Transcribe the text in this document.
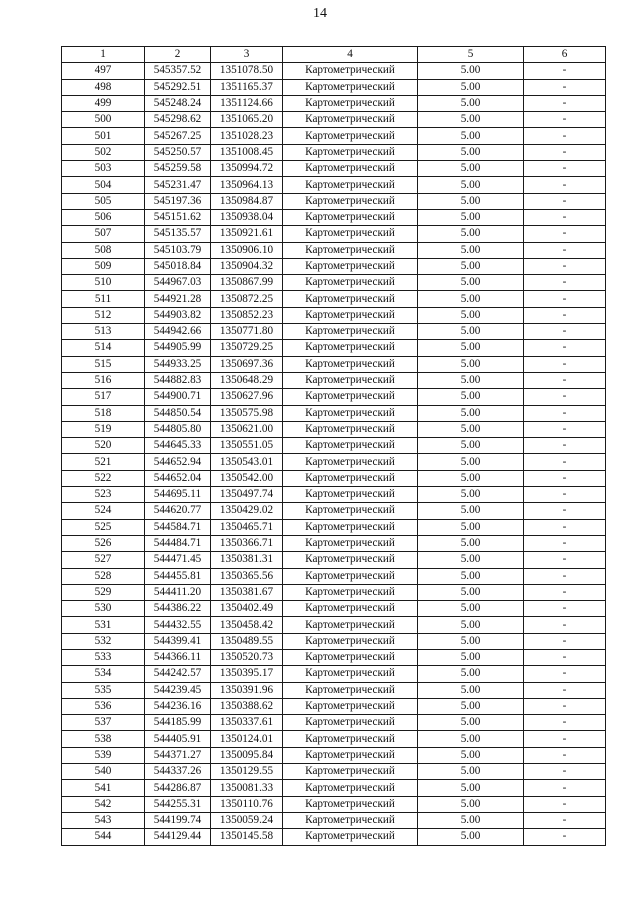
14
1	2	3	4	5	6
497	545357.52	1351078.50	Картометрический	5.00	-
498	545292.51	1351165.37	Картометрический	5.00	-
499	545248.24	1351124.66	Картометрический	5.00	-
500	545298.62	1351065.20	Картометрический	5.00	-
501	545267.25	1351028.23	Картометрический	5.00	-
502	545250.57	1351008.45	Картометрический	5.00	-
503	545259.58	1350994.72	Картометрический	5.00	-
504	545231.47	1350964.13	Картометрический	5.00	-
505	545197.36	1350984.87	Картометрический	5.00	-
506	545151.62	1350938.04	Картометрический	5.00	-
507	545135.57	1350921.61	Картометрический	5.00	-
508	545103.79	1350906.10	Картометрический	5.00	-
509	545018.84	1350904.32	Картометрический	5.00	-
510	544967.03	1350867.99	Картометрический	5.00	-
511	544921.28	1350872.25	Картометрический	5.00	-
512	544903.82	1350852.23	Картометрический	5.00	-
513	544942.66	1350771.80	Картометрический	5.00	-
514	544905.99	1350729.25	Картометрический	5.00	-
515	544933.25	1350697.36	Картометрический	5.00	-
516	544882.83	1350648.29	Картометрический	5.00	-
517	544900.71	1350627.96	Картометрический	5.00	-
518	544850.54	1350575.98	Картометрический	5.00	-
519	544805.80	1350621.00	Картометрический	5.00	-
520	544645.33	1350551.05	Картометрический	5.00	-
521	544652.94	1350543.01	Картометрический	5.00	-
522	544652.04	1350542.00	Картометрический	5.00	-
523	544695.11	1350497.74	Картометрический	5.00	-
524	544620.77	1350429.02	Картометрический	5.00	-
525	544584.71	1350465.71	Картометрический	5.00	-
526	544484.71	1350366.71	Картометрический	5.00	-
527	544471.45	1350381.31	Картометрический	5.00	-
528	544455.81	1350365.56	Картометрический	5.00	-
529	544411.20	1350381.67	Картометрический	5.00	-
530	544386.22	1350402.49	Картометрический	5.00	-
531	544432.55	1350458.42	Картометрический	5.00	-
532	544399.41	1350489.55	Картометрический	5.00	-
533	544366.11	1350520.73	Картометрический	5.00	-
534	544242.57	1350395.17	Картометрический	5.00	-
535	544239.45	1350391.96	Картометрический	5.00	-
536	544236.16	1350388.62	Картометрический	5.00	-
537	544185.99	1350337.61	Картометрический	5.00	-
538	544405.91	1350124.01	Картометрический	5.00	-
539	544371.27	1350095.84	Картометрический	5.00	-
540	544337.26	1350129.55	Картометрический	5.00	-
541	544286.87	1350081.33	Картометрический	5.00	-
542	544255.31	1350110.76	Картометрический	5.00	-
543	544199.74	1350059.24	Картометрический	5.00	-
544	544129.44	1350145.58	Картометрический	5.00	-
